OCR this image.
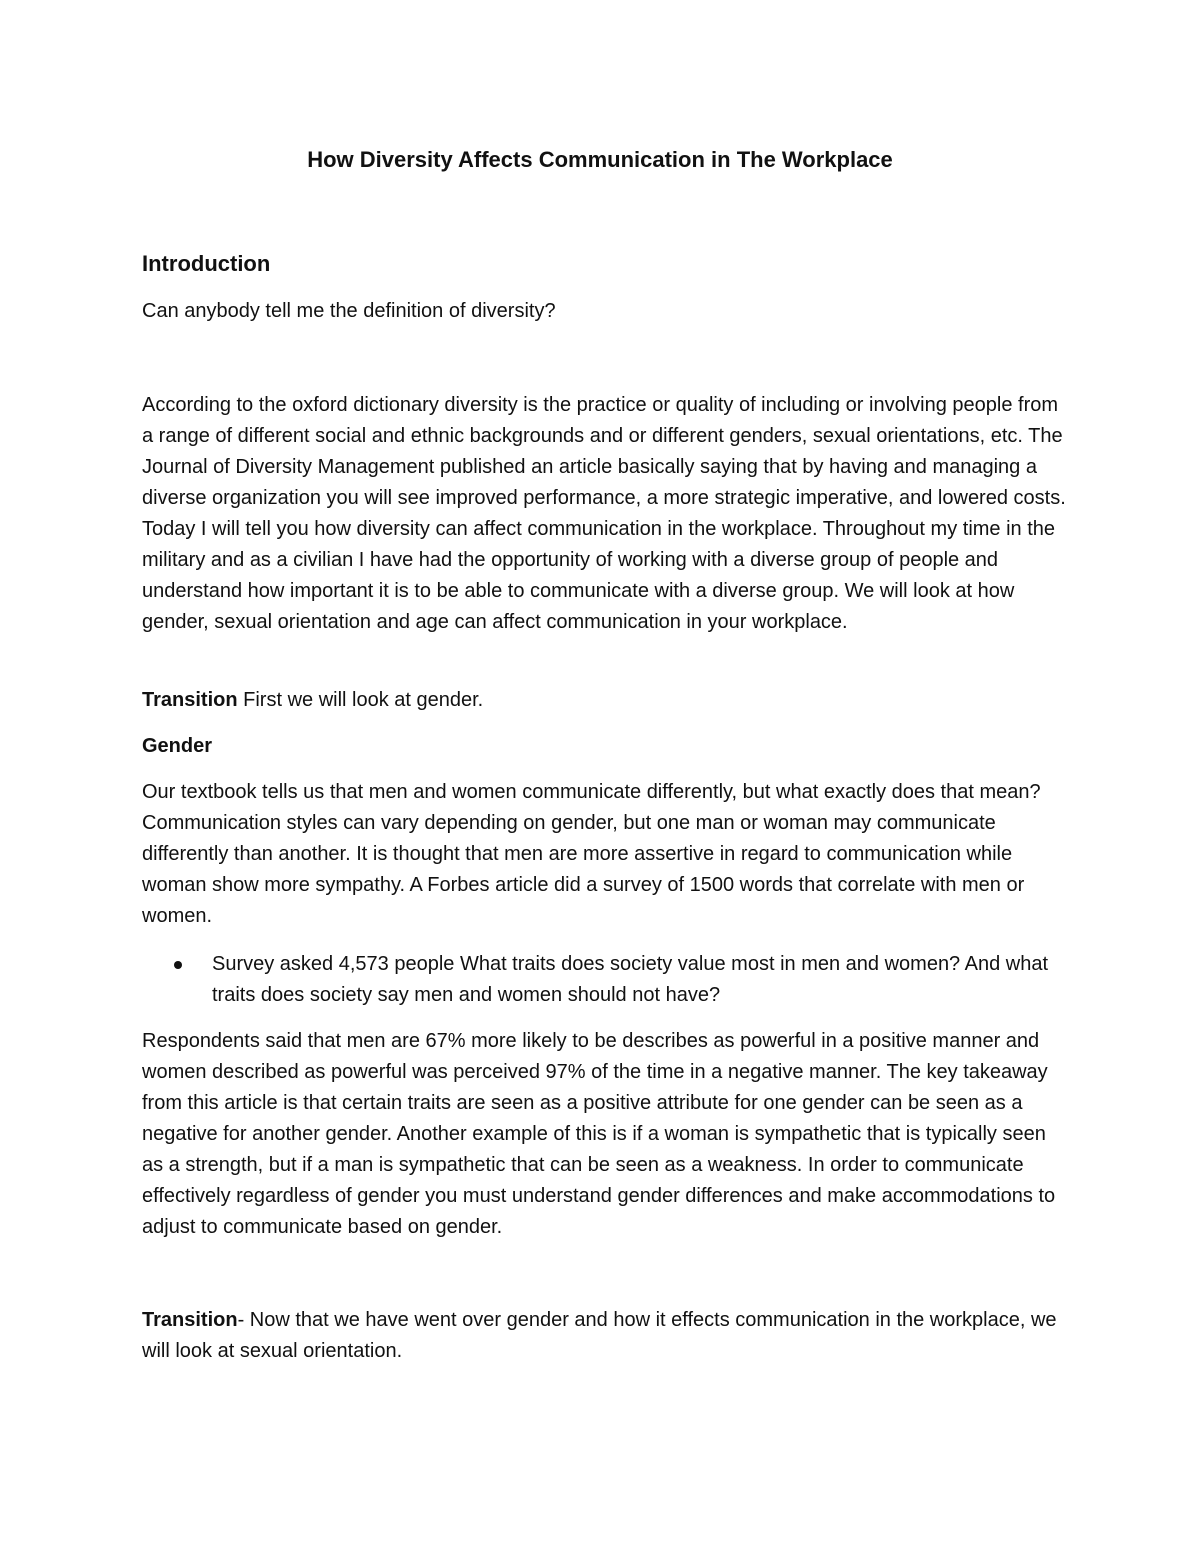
How Diversity Affects Communication in The Workplace
Introduction

Can anybody tell me the definition of diversity?

According to the oxford dictionary diversity is the practice or quality of including or involving people from a range of different social and ethnic backgrounds and or different genders, sexual orientations, etc. The Journal of Diversity Management published an article basically saying that by having and managing a diverse organization you will see improved performance, a more strategic imperative, and lowered costs. Today I will tell you how diversity can affect communication in the workplace. Throughout my time in the military and as a civilian I have had the opportunity of working with a diverse group of people and understand how important it is to be able to communicate with a diverse group. We will look at how gender, sexual orientation and age can affect communication in your workplace.

Transition First we will look at gender.

Gender

Our textbook tells us that men and women communicate differently, but what exactly does that mean? Communication styles can vary depending on gender, but one man or woman may communicate differently than another. It is thought that men are more assertive in regard to communication while woman show more sympathy. A Forbes article did a survey of 1500 words that correlate with men or women.

Survey asked 4,573 people What traits does society value most in men and women? And what traits does society say men and women should not have?

Respondents said that men are 67% more likely to be describes as powerful in a positive manner and women described as powerful was perceived 97% of the time in a negative manner. The key takeaway from this article is that certain traits are seen as a positive attribute for one gender can be seen as a negative for another gender. Another example of this is if a woman is sympathetic that is typically seen as a strength, but if a man is sympathetic that can be seen as a weakness. In order to communicate effectively regardless of gender you must understand gender differences and make accommodations to adjust to communicate based on gender.

Transition- Now that we have went over gender and how it effects communication in the workplace, we will look at sexual orientation.
